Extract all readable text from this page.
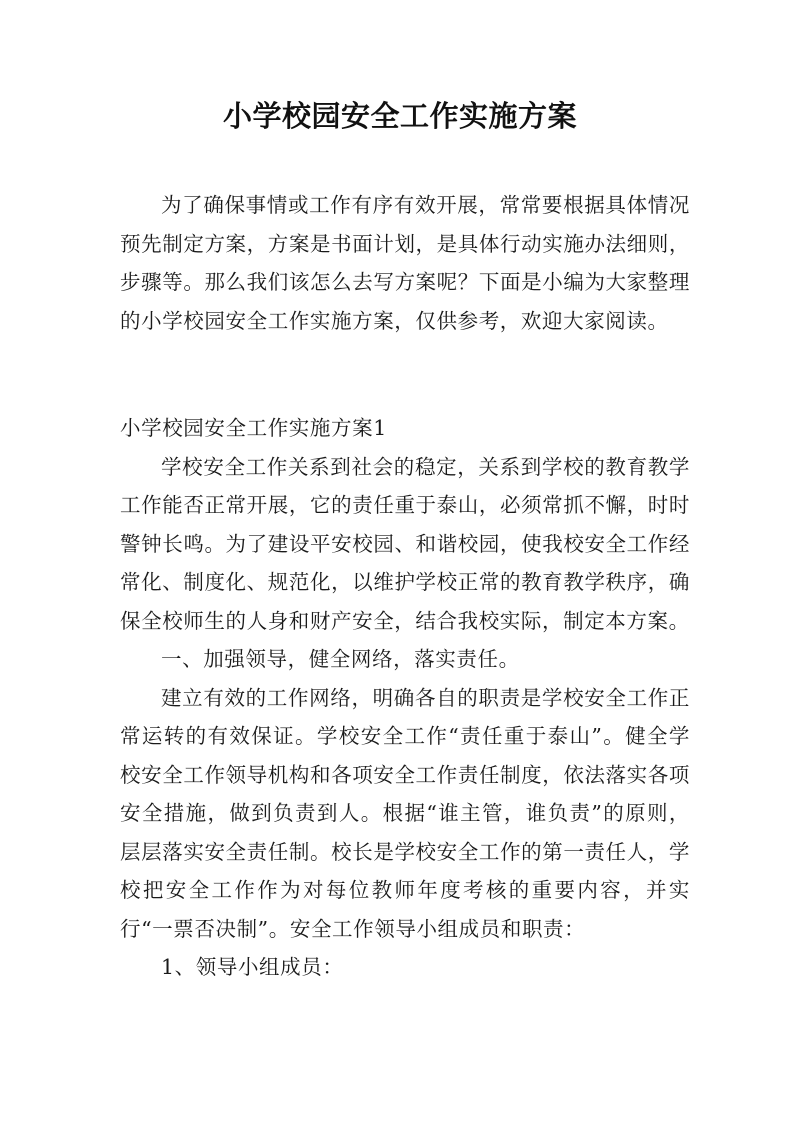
小学校园安全工作实施方案

为了确保事情或工作有序有效开展，常常要根据具体情况预先制定方案，方案是书面计划，是具体行动实施办法细则，步骤等。那么我们该怎么去写方案呢？下面是小编为大家整理的小学校园安全工作实施方案，仅供参考，欢迎大家阅读。

小学校园安全工作实施方案1

学校安全工作关系到社会的稳定，关系到学校的教育教学工作能否正常开展，它的责任重于泰山，必须常抓不懈，时时警钟长鸣。为了建设平安校园、和谐校园，使我校安全工作经常化、制度化、规范化，以维护学校正常的教育教学秩序，确保全校师生的人身和财产安全，结合我校实际，制定本方案。

一、加强领导，健全网络，落实责任。

建立有效的工作网络，明确各自的职责是学校安全工作正常运转的有效保证。学校安全工作“责任重于泰山”。健全学校安全工作领导机构和各项安全工作责任制度，依法落实各项安全措施，做到负责到人。根据“谁主管，谁负责”的原则，层层落实安全责任制。校长是学校安全工作的第一责任人，学校把安全工作作为对每位教师年度考核的重要内容，并实行“一票否决制”。安全工作领导小组成员和职责：

1、领导小组成员：
